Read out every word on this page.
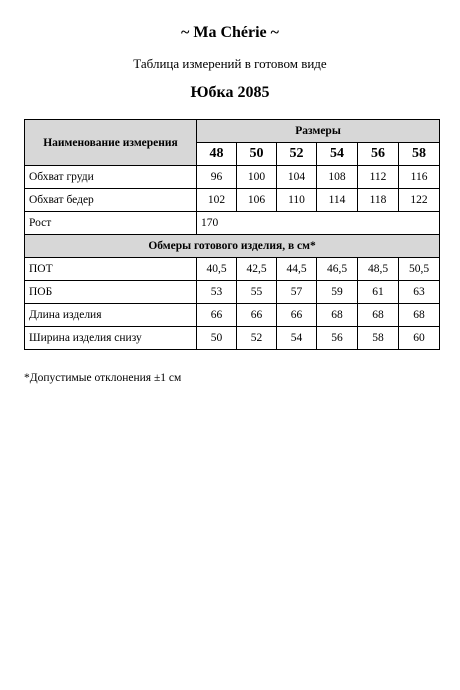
~ Ma Chérie ~
Таблица измерений в готовом виде
Юбка 2085
Наименование измерения	Размеры					
	48	50	52	54	56	58
Обхват груди	96	100	104	108	112	116
Обхват бедер	102	106	110	114	118	122
Рост	170					
Обмеры готового изделия, в см*						
ПОТ	40,5	42,5	44,5	46,5	48,5	50,5
ПОБ	53	55	57	59	61	63
Длина изделия	66	66	66	68	68	68
Ширина изделия снизу	50	52	54	56	58	60
*Допустимые отклонения ±1 см
